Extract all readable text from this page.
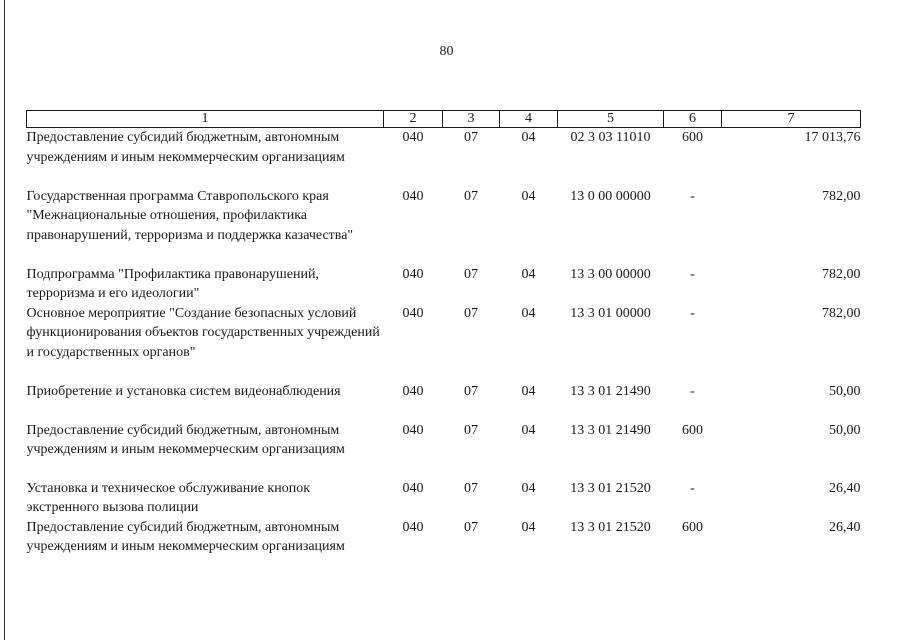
80
1	2	3	4	5	6	7
Предоставление субсидий бюджетным, автономным учреждениям и иным некоммерческим организациям	040	07	04	02 3 03 11010	600	17 013,76
Государственная программа Ставропольского края "Межнациональные отношения, профилактика правонарушений, терроризма и поддержка казачества"	040	07	04	13 0 00 00000	-	782,00
Подпрограмма "Профилактика правонарушений, терроризма и его идеологии"	040	07	04	13 3 00 00000	-	782,00
Основное мероприятие "Создание безопасных условий функционирования объектов государственных учреждений и государственных органов"	040	07	04	13 3 01 00000	-	782,00
Приобретение и установка систем видеонаблюдения	040	07	04	13 3 01 21490	-	50,00
Предоставление субсидий бюджетным, автономным учреждениям и иным некоммерческим организациям	040	07	04	13 3 01 21490	600	50,00
Установка и техническое обслуживание кнопок экстренного вызова полиции	040	07	04	13 3 01 21520	-	26,40
Предоставление субсидий бюджетным, автономным учреждениям и иным некоммерческим организациям	040	07	04	13 3 01 21520	600	26,40
